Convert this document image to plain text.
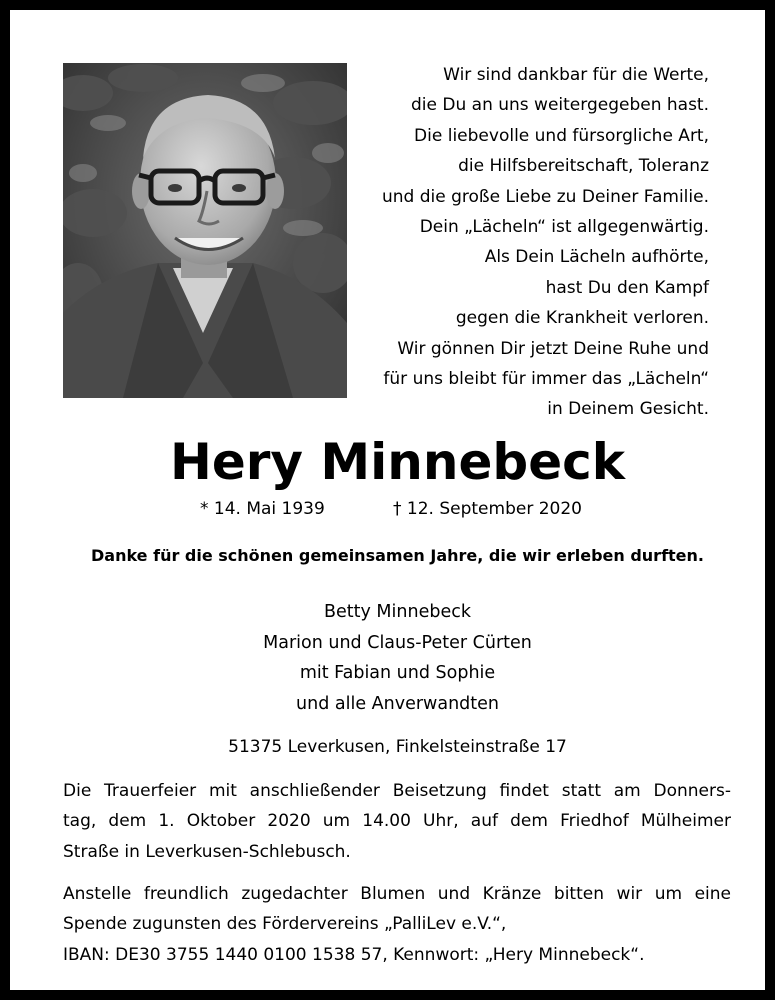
Wir sind dankbar für die Werte,
die Du an uns weitergegeben hast.
Die liebevolle und fürsorgliche Art,
die Hilfsbereitschaft, Toleranz
und die große Liebe zu Deiner Familie.
Dein „Lächeln“ ist allgegenwärtig.
Als Dein Lächeln aufhörte,
hast Du den Kampf
gegen die Krankheit verloren.
Wir gönnen Dir jetzt Deine Ruhe und
für uns bleibt für immer das „Lächeln“
in Deinem Gesicht.
Hery Minnebeck
* 14. Mai 1939	† 12. September 2020
Danke für die schönen gemeinsamen Jahre, die wir erleben durften.
Betty Minnebeck
Marion und Claus-Peter Cürten
mit Fabian und Sophie
und alle Anverwandten
51375 Leverkusen, Finkelsteinstraße 17
Die Trauerfeier mit anschließender Beisetzung findet statt am Donners-
tag, dem 1. Oktober 2020 um 14.00 Uhr, auf dem Friedhof Mülheimer
Straße in Leverkusen-Schlebusch.
Anstelle freundlich zugedachter Blumen und Kränze bitten wir um eine
Spende zugunsten des Fördervereins „PalliLev e.V.“,
IBAN: DE30 3755 1440 0100 1538 57, Kennwort: „Hery Minnebeck“.
